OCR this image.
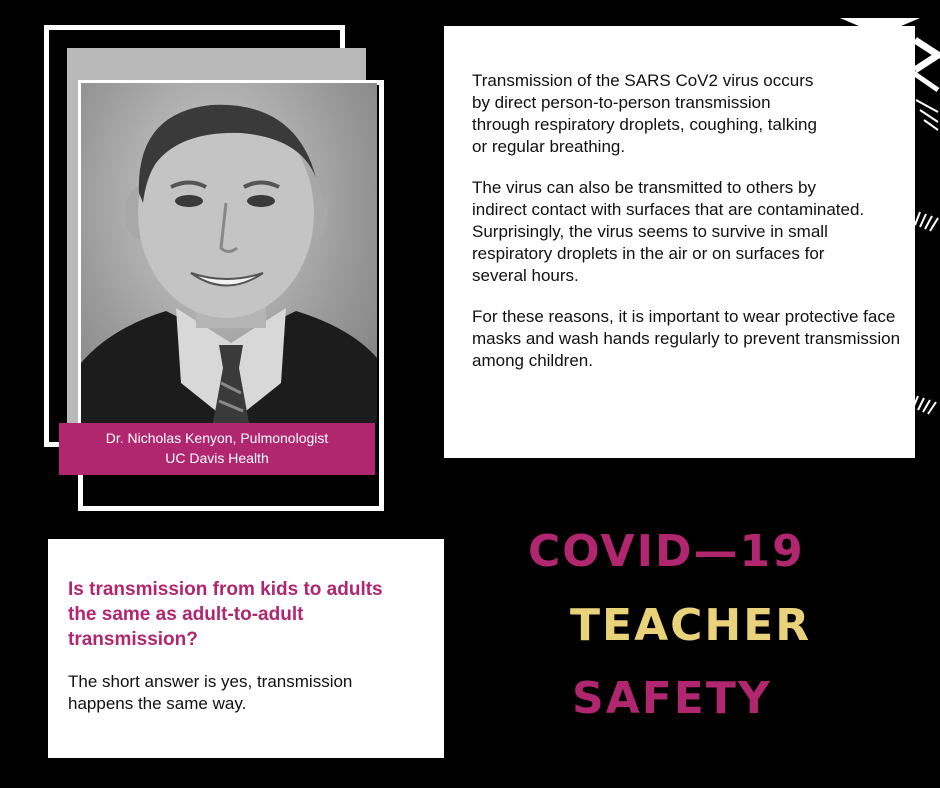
Dr. Nicholas Kenyon, Pulmonologist
UC Davis Health

Transmission of the SARS CoV2 virus occurs by direct person-to-person transmission through respiratory droplets, coughing, talking or regular breathing.

The virus can also be transmitted to others by indirect contact with surfaces that are contaminated. Surprisingly, the virus seems to survive in small respiratory droplets in the air or on surfaces for several hours.

For these reasons, it is important to wear protective face masks and wash hands regularly to prevent transmission among children.

Is transmission from kids to adults the same as adult-to-adult transmission?

The short answer is yes, transmission happens the same way.

COVID—19
TEACHER
SAFETY
